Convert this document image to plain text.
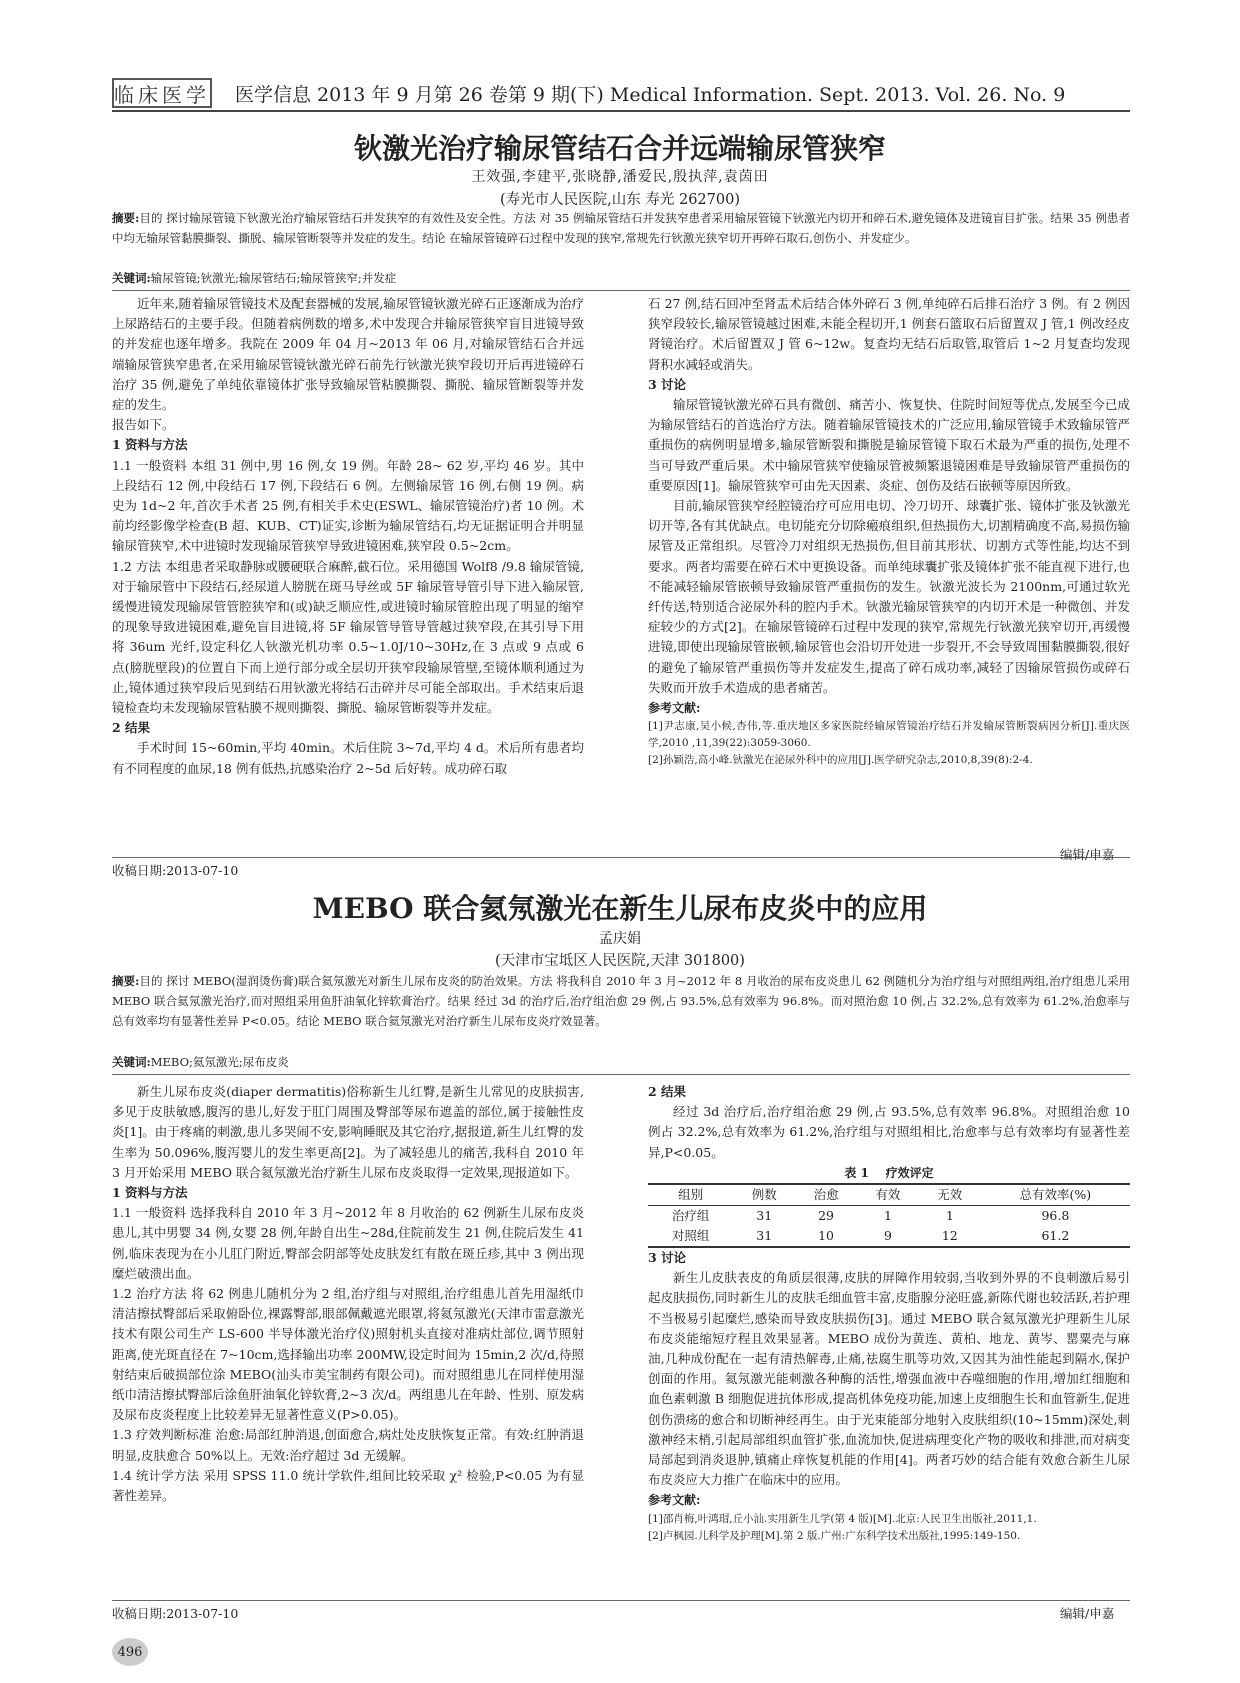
临床医学 医学信息 2013 年 9 月第 26 卷第 9 期(下) Medical Information. Sept. 2013. Vol. 26. No. 9
钬激光治疗输尿管结石合并远端输尿管狭窄
王效强,李建平,张晓静,潘爱民,殷执萍,袁茵田
(寿光市人民医院,山东 寿光 262700)
摘要:目的 探讨输尿管镜下钬激光治疗输尿管结石并发狭窄的有效性及安全性。方法 对 35 例输尿管结石并发狭窄患者采用输尿管镜下钬激光内切开和碎石术,避免镜体及进镜盲目扩张。结果 35 例患者中均无输尿管黏膜撕裂、撕脱、输尿管断裂等并发症的发生。结论 在输尿管镜碎石过程中发现的狭窄,常规先行钬激光狭窄切开再碎石取石,创伤小、并发症少。
关键词:输尿管镜;钬激光;输尿管结石;输尿管狭窄;并发症

近年来,随着输尿管镜技术及配套器械的发展,输尿管镜钬激光碎石正逐渐成为治疗上尿路结石的主要手段。但随着病例数的增多,术中发现合并输尿管狭窄盲目进镜导致的并发症也逐年增多。我院在 2009 年 04 月~2013 年 06 月,对输尿管结石合并远端输尿管狭窄患者,在采用输尿管镜钬激光碎石前先行钬激光狭窄段切开后再进镜碎石治疗 35 例,避免了单纯依靠镜体扩张导致输尿管粘膜撕裂、撕脱、输尿管断裂等并发症的发生。

报告如下。

1 资料与方法

1.1 一般资料 本组 31 例中,男 16 例,女 19 例。年龄 28~ 62 岁,平均 46 岁。其中上段结石 12 例,中段结石 17 例,下段结石 6 例。左侧输尿管 16 例,右侧 19 例。病史为 1d~2 年,首次手术者 25 例,有相关手术史(ESWL、输尿管镜治疗)者 10 例。术前均经影像学检查(B 超、KUB、CT)证实,诊断为输尿管结石,均无证据证明合并明显输尿管狭窄,术中进镜时发现输尿管狭窄导致进镜困难,狭窄段 0.5~2cm。

1.2 方法 本组患者采取静脉或腰硬联合麻醉,截石位。采用德国 Wolf8 /9.8 输尿管镜,对于输尿管中下段结石,经尿道人膀胱在斑马导丝或 5F 输尿管导管引导下进入输尿管,缓慢进镜发现输尿管管腔狭窄和(或)缺乏顺应性,或进镜时输尿管腔出现了明显的缩窄的现象导致进镜困难,避免盲目进镜,将 5F 输尿管导管导管越过狭窄段,在其引导下用将 36um 光纤,设定科亿人钬激光机功率 0.5~1.0J/10~30Hz,在 3 点或 9 点或 6 点(膀胱壁段)的位置自下而上逆行部分或全层切开狭窄段输尿管壁,至镜体顺利通过为止,镜体通过狭窄段后见到结石用钬激光将结石击碎并尽可能全部取出。手术结束后退镜检查均未发现输尿管粘膜不规则撕裂、撕脱、输尿管断裂等并发症。

2 结果

手术时间 15~60min,平均 40min。术后住院 3~7d,平均 4 d。术后所有患者均有不同程度的血尿,18 例有低热,抗感染治疗 2~5d 后好转。成功碎石取

石 27 例,结石回冲至肾盂术后结合体外碎石 3 例,单纯碎石后排石治疗 3 例。有 2 例因狭窄段较长,输尿管镜越过困难,未能全程切开,1 例套石篮取石后留置双 J 管,1 例改经皮肾镜治疗。术后留置双 J 管 6~12w。复查均无结石后取管,取管后 1~2 月复查均发现肾积水减轻或消失。

3 讨论

输尿管镜钬激光碎石具有微创、痛苦小、恢复快、住院时间短等优点,发展至今已成为输尿管结石的首选治疗方法。随着输尿管镜技术的广泛应用,输尿管镜手术致输尿管严重损伤的病例明显增多,输尿管断裂和撕脱是输尿管镜下取石术最为严重的损伤,处理不当可导致严重后果。术中输尿管狭窄使输尿管被频繁退镜困难是导致输尿管严重损伤的重要原因[1]。输尿管狭窄可由先天因素、炎症、创伤及结石嵌顿等原因所致。

目前,输尿管狭窄经腔镜治疗可应用电切、冷刀切开、球囊扩张、镜体扩张及钬激光切开等,各有其优缺点。电切能充分切除瘢痕组织,但热损伤大,切割精确度不高,易损伤输尿管及正常组织。尽管冷刀对组织无热损伤,但目前其形状、切割方式等性能,均达不到要求。两者均需要在碎石术中更换设备。而单纯球囊扩张及镜体扩张不能直视下进行,也不能减轻输尿管嵌顿导致输尿管严重损伤的发生。钬激光波长为 2100nm,可通过软光纤传送,特别适合泌尿外科的腔内手术。钬激光输尿管狭窄的内切开术是一种微创、并发症较少的方式[2]。在输尿管镜碎石过程中发现的狭窄,常规先行钬激光狭窄切开,再缓慢进镜,即使出现输尿管嵌顿,输尿管也会沿切开处进一步裂开,不会导致周围黏膜撕裂,很好的避免了输尿管严重损伤等并发症发生,提高了碎石成功率,减轻了因输尿管损伤或碎石失败而开放手术造成的患者痛苦。

参考文献:

[1]尹志康,吴小候,杏伟,等.重庆地区多家医院经输尿管镜治疗结石并发输尿管断裂病因分析[J].重庆医学,2010 ,11,39(22):3059-3060.

[2]孙颖浩,高小峰.钬激光在泌尿外科中的应用[J].医学研究杂志,2010,8,39(8):2-4.

收稿日期:2013-07-10
编辑/申嘉
MEBO 联合氦氖激光在新生儿尿布皮炎中的应用
孟庆娟
(天津市宝坻区人民医院,天津 301800)
摘要:目的 探讨 MEBO(湿润烫伤膏)联合氦氖激光对新生儿尿布皮炎的防治效果。方法 将我科自 2010 年 3 月~2012 年 8 月收治的尿布皮炎患儿 62 例随机分为治疗组与对照组两组,治疗组患儿采用 MEBO 联合氦氖激光治疗,而对照组采用鱼肝油氧化锌软膏治疗。结果 经过 3d 的治疗后,治疗组治愈 29 例,占 93.5%,总有效率为 96.8%。而对照治愈 10 例,占 32.2%,总有效率为 61.2%,治愈率与总有效率均有显著性差异 P<0.05。结论 MEBO 联合氦氖激光对治疗新生儿尿布皮炎疗效显著。
关键词:MEBO;氦氖激光;尿布皮炎

新生儿尿布皮炎(diaper dermatitis)俗称新生儿红臀,是新生儿常见的皮肤损害,多见于皮肤敏感,腹泻的患儿,好发于肛门周围及臀部等尿布遮盖的部位,属于接触性皮炎[1]。由于疼痛的刺激,患儿多哭闹不安,影响睡眠及其它治疗,据报道,新生儿红臀的发生率为 50.096%,腹泻婴儿的发生率更高[2]。为了减轻患儿的痛苦,我科自 2010 年 3 月开始采用 MEBO 联合氦氖激光治疗新生儿尿布皮炎取得一定效果,现报道如下。

1 资料与方法

1.1 一般资料 选择我科自 2010 年 3 月~2012 年 8 月收治的 62 例新生儿尿布皮炎患儿,其中男婴 34 例,女婴 28 例,年龄自出生~28d,住院前发生 21 例,住院后发生 41 例,临床表现为在小儿肛门附近,臀部会阴部等处皮肤发红有散在斑丘疹,其中 3 例出现糜烂破溃出血。

1.2 治疗方法 将 62 例患儿随机分为 2 组,治疗组与对照组,治疗组患儿首先用湿纸巾清洁擦拭臀部后采取俯卧位,裸露臀部,眼部佩戴遮光眼罩,将氦氖激光(天津市雷意激光技术有限公司生产 LS-600 半导体激光治疗仪)照射机头直接对准病灶部位,调节照射距离,使光斑直径在 7~10cm,选择输出功率 200MW,设定时间为 15min,2 次/d,待照射结束后破损部位涂 MEBO(汕头市美宝制药有限公司)。而对照组患儿在同样使用湿纸巾清洁擦拭臀部后涂鱼肝油氧化锌软膏,2~3 次/d。两组患儿在年龄、性别、原发病及尿布皮炎程度上比较差异无显著性意义(P>0.05)。

1.3 疗效判断标准 治愈:局部红肿消退,创面愈合,病灶处皮肤恢复正常。有效:红肿消退明显,皮肤愈合 50%以上。无效:治疗超过 3d 无缓解。

1.4 统计学方法 采用 SPSS 11.0 统计学软件,组间比较采取 χ² 检验,P<0.05 为有显著性差异。

2 结果

经过 3d 治疗后,治疗组治愈 29 例,占 93.5%,总有效率 96.8%。对照组治愈 10 例占 32.2%,总有效率为 61.2%,治疗组与对照组相比,治愈率与总有效率均有显著性差异,P<0.05。

表 1 疗效评定

组别	例数	治愈	有效	无效	总有效率(%)
治疗组	31	29	1	1	96.8
对照组	31	10	9	12	61.2

3 讨论

新生儿皮肤表皮的角质层很薄,皮肤的屏障作用较弱,当收到外界的不良刺激后易引起皮肤损伤,同时新生儿的皮肤毛细血管丰富,皮脂腺分泌旺盛,新陈代谢也较活跃,若护理不当极易引起糜烂,感染而导致皮肤损伤[3]。通过 MEBO 联合氦氖激光护理新生儿尿布皮炎能缩短疗程且效果显著。MEBO 成份为黄连、黄柏、地龙、黄岑、罂粟壳与麻油,几种成份配在一起有清热解毒,止痛,祛腐生肌等功效,又因其为油性能起到隔水,保护创面的作用。氦氖激光能刺激各种酶的活性,增强血液中吞噬细胞的作用,增加红细胞和血色素刺激 B 细胞促进抗体形成,提高机体免疫功能,加速上皮细胞生长和血管新生,促进创伤溃疡的愈合和切断神经再生。由于光束能部分地射入皮肤组织(10~15mm)深处,刺激神经末梢,引起局部组织血管扩张,血流加快,促进病理变化产物的吸收和排泄,而对病变局部起到消炎退肿,镇痛止痒恢复机能的作用[4]。两者巧妙的结合能有效愈合新生儿尿布皮炎应大力推广在临床中的应用。

参考文献:

[1]邵肖梅,叶鸿瑁,丘小汕.实用新生儿学(第 4 版)[M].北京:人民卫生出版社,2011,1.

[2]卢枫园.儿科学及护理[M].第 2 版.广州:广东科学技术出版社,1995:149-150.

收稿日期:2013-07-10	编辑/申嘉
496
